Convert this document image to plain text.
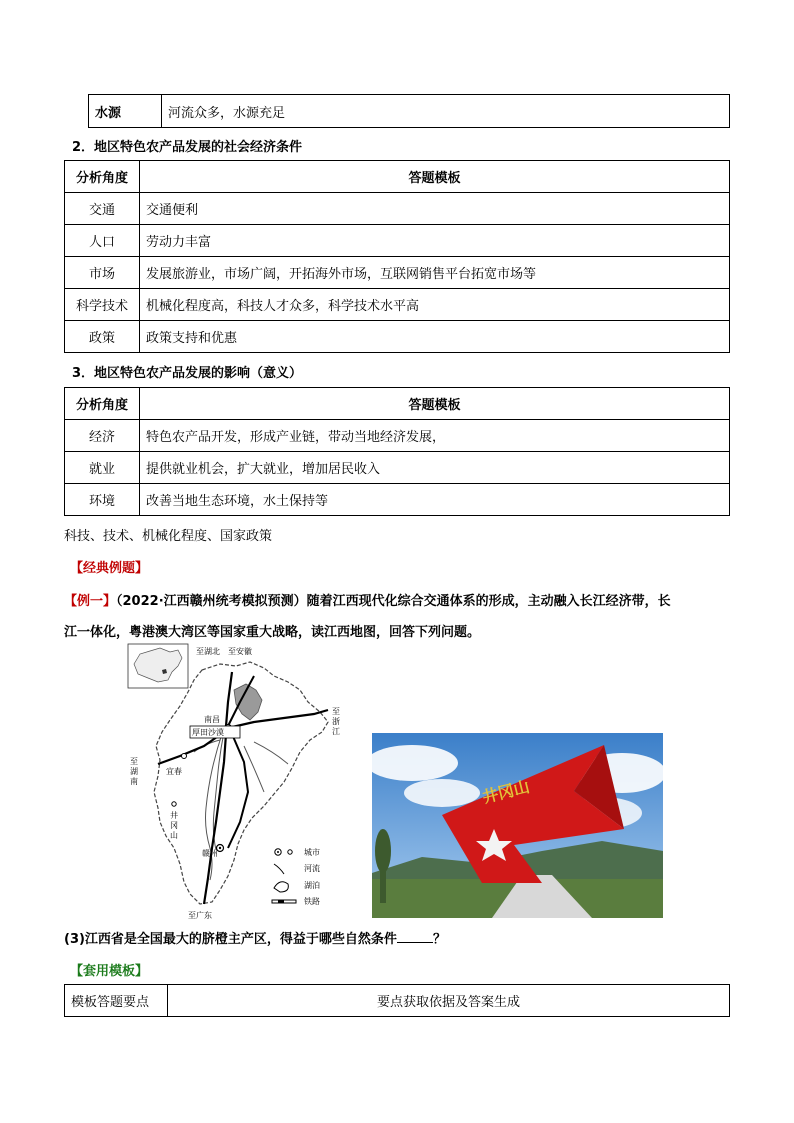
水源	河流众多，水源充足
2．地区特色农产品发展的社会经济条件
分析角度	答题模板
交通	交通便利
人口	劳动力丰富
市场	发展旅游业，市场广阔，开拓海外市场，互联网销售平台拓宽市场等
科学技术	机械化程度高，科技人才众多，科学技术水平高
政策	政策支持和优惠
3．地区特色农产品发展的影响（意义）
分析角度	答题模板
经济	特色农产品开发，形成产业链，带动当地经济发展，
就业	提供就业机会，扩大就业，增加居民收入
环境	改善当地生态环境，水土保持等
科技、技术、机械化程度、国家政策
【经典例题】
【例一】（2022·江西赣州统考模拟预测）随着江西现代化综合交通体系的形成，主动融入长江经济带，长
江一体化，粤港澳大湾区等国家重大战略，读江西地图，回答下列问题。
至湖北 至安徽
至
浙
江
南昌
厚田沙漠
至
湖
南
宜春
井
冈
山
赣州
至广东
城市
河流
湖泊
铁路
井冈山
(3)江西省是全国最大的脐橙主产区，得益于哪些自然条件	？
【套用模板】
模板答题要点	要点获取依据及答案生成
